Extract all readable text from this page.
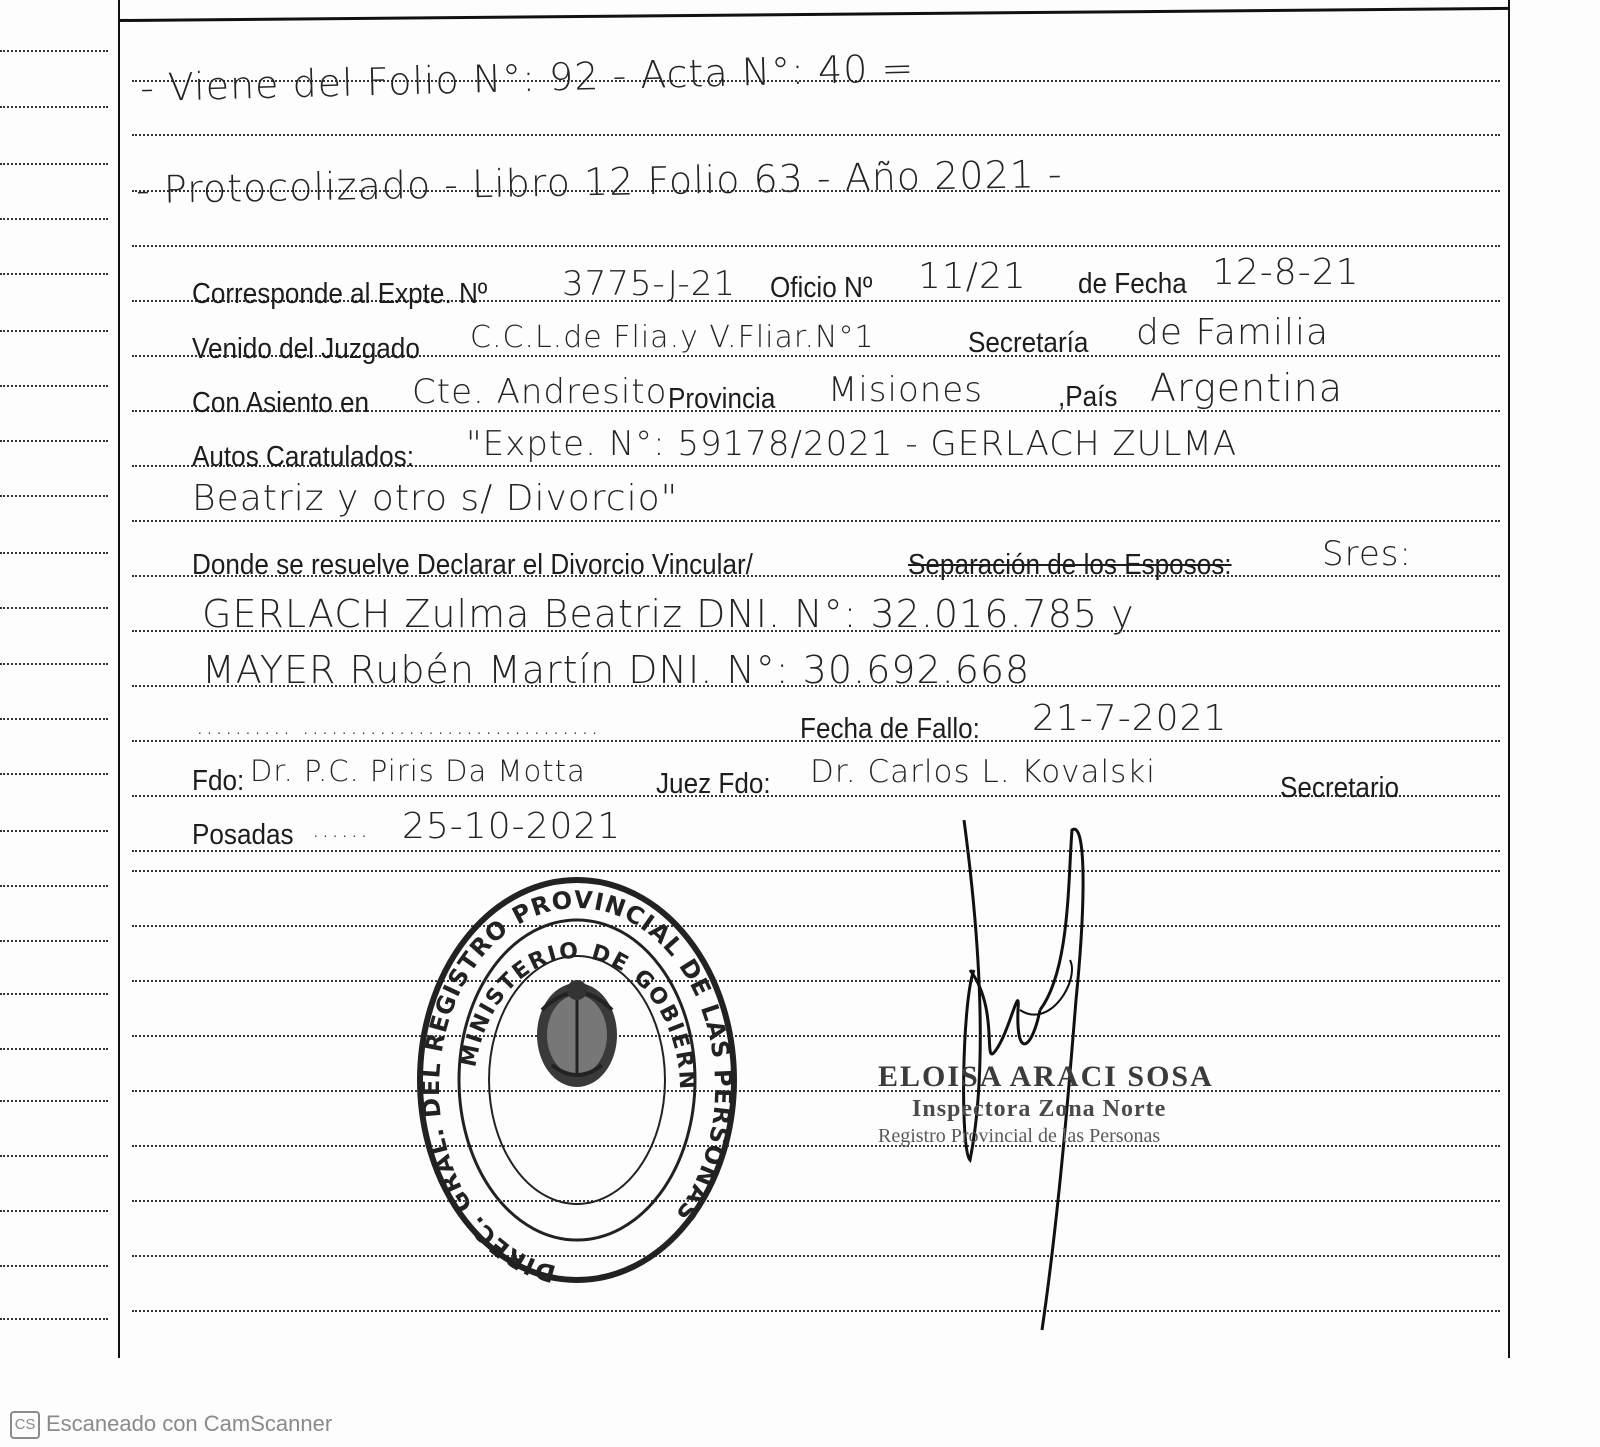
- Viene del Folio N°: 92 - Acta N°: 40 =
- Protocolizado - Libro 12 Folio 63 - Año 2021 -
Corresponde al Expte. Nº 3775-J-21 Oficio Nº 11/21 de Fecha 12-8-21
Venido del Juzgado C.C.L.de Flia.y V.Fliar.N°1	Secretaría de Familia
Con Asiento en Cte. Andresito Provincia Misiones	,País Argentina
Autos Caratulados: "Expte. N°: 59178/2021 - GERLACH ZULMA
Beatriz y otro s/ Divorcio"
Donde se resuelve Declarar el Divorcio Vincular/	Separación de los Esposos:	Sres:
GERLACH Zulma Beatriz DNI. N°: 32.016.785 y
MAYER Rubén Martín DNI. N°: 30.692.668
.......... ...............................	Fecha de Fallo: 21-7-2021
Fdo: Dr. P.C. Piris Da Motta Juez Fdo: Dr. Carlos L. Kovalski	Secretario
Posadas ...... 25-10-2021
DIREC. GRAL. DEL REGISTRO PROVINCIAL DE LAS PERSONAS
MINISTERIO DE GOBIERN	ELOISA ARACI SOSA
Inspectora Zona Norte
Registro Provincial de las Personas
CS Escaneado con CamScanner
